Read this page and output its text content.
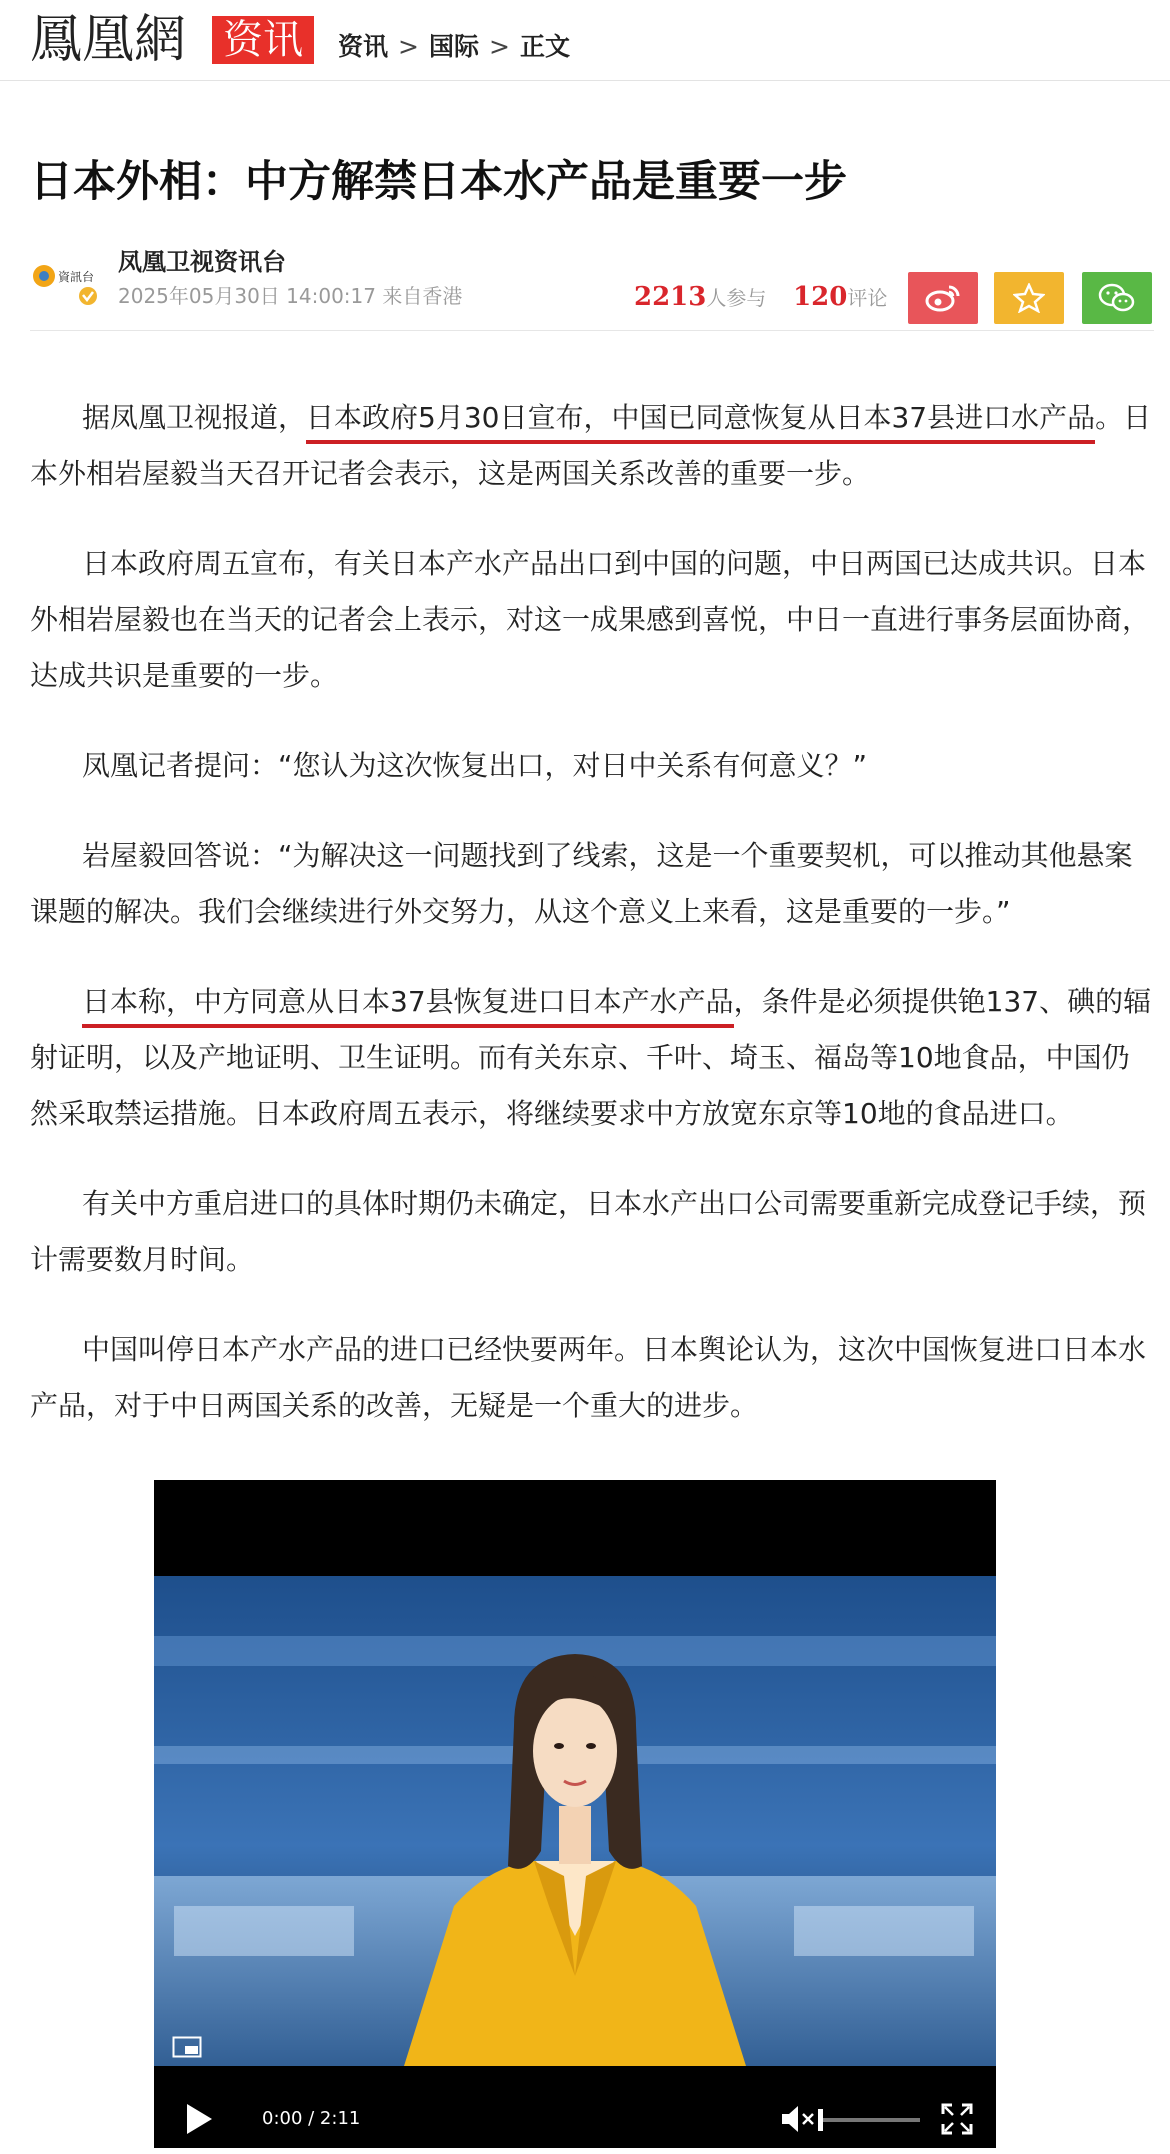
鳳凰網 资讯	资讯 > 国际 > 正文
日本外相：中方解禁日本水产品是重要一步
資訊台
凤凰卫视资讯台
2025年05月30日 14:00:17 来自香港	2213人参与 120评论

据凤凰卫视报道，日本政府5月30日宣布，中国已同意恢复从日本37县进口水产品。日本外相岩屋毅当天召开记者会表示，这是两国关系改善的重要一步。

日本政府周五宣布，有关日本产水产品出口到中国的问题，中日两国已达成共识。日本外相岩屋毅也在当天的记者会上表示，对这一成果感到喜悦，中日一直进行事务层面协商，达成共识是重要的一步。

凤凰记者提问：“您认为这次恢复出口，对日中关系有何意义？”

岩屋毅回答说：“为解决这一问题找到了线索，这是一个重要契机，可以推动其他悬案课题的解决。我们会继续进行外交努力，从这个意义上来看，这是重要的一步。”

日本称，中方同意从日本37县恢复进口日本产水产品，条件是必须提供铯137、碘的辐射证明，以及产地证明、卫生证明。而有关东京、千叶、埼玉、福岛等10地食品，中国仍然采取禁运措施。日本政府周五表示，将继续要求中方放宽东京等10地的食品进口。

有关中方重启进口的具体时期仍未确定，日本水产出口公司需要重新完成登记手续，预计需要数月时间。

中国叫停日本产水产品的进口已经快要两年。日本舆论认为，这次中国恢复进口日本水产品，对于中日两国关系的改善，无疑是一个重大的进步。

0:00 / 2:11
